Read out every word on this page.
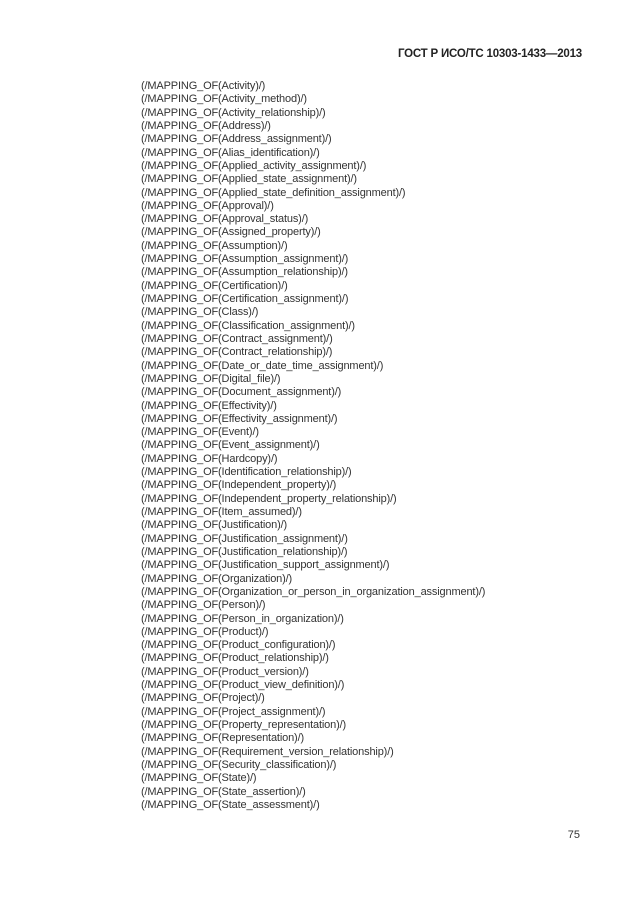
ГОСТ Р ИСО/ТС 10303-1433—2013
(/MAPPING_OF(Activity)/)
(/MAPPING_OF(Activity_method)/)
(/MAPPING_OF(Activity_relationship)/)
(/MAPPING_OF(Address)/)
(/MAPPING_OF(Address_assignment)/)
(/MAPPING_OF(Alias_identification)/)
(/MAPPING_OF(Applied_activity_assignment)/)
(/MAPPING_OF(Applied_state_assignment)/)
(/MAPPING_OF(Applied_state_definition_assignment)/)
(/MAPPING_OF(Approval)/)
(/MAPPING_OF(Approval_status)/)
(/MAPPING_OF(Assigned_property)/)
(/MAPPING_OF(Assumption)/)
(/MAPPING_OF(Assumption_assignment)/)
(/MAPPING_OF(Assumption_relationship)/)
(/MAPPING_OF(Certification)/)
(/MAPPING_OF(Certification_assignment)/)
(/MAPPING_OF(Class)/)
(/MAPPING_OF(Classification_assignment)/)
(/MAPPING_OF(Contract_assignment)/)
(/MAPPING_OF(Contract_relationship)/)
(/MAPPING_OF(Date_or_date_time_assignment)/)
(/MAPPING_OF(Digital_file)/)
(/MAPPING_OF(Document_assignment)/)
(/MAPPING_OF(Effectivity)/)
(/MAPPING_OF(Effectivity_assignment)/)
(/MAPPING_OF(Event)/)
(/MAPPING_OF(Event_assignment)/)
(/MAPPING_OF(Hardcopy)/)
(/MAPPING_OF(Identification_relationship)/)
(/MAPPING_OF(Independent_property)/)
(/MAPPING_OF(Independent_property_relationship)/)
(/MAPPING_OF(Item_assumed)/)
(/MAPPING_OF(Justification)/)
(/MAPPING_OF(Justification_assignment)/)
(/MAPPING_OF(Justification_relationship)/)
(/MAPPING_OF(Justification_support_assignment)/)
(/MAPPING_OF(Organization)/)
(/MAPPING_OF(Organization_or_person_in_organization_assignment)/)
(/MAPPING_OF(Person)/)
(/MAPPING_OF(Person_in_organization)/)
(/MAPPING_OF(Product)/)
(/MAPPING_OF(Product_configuration)/)
(/MAPPING_OF(Product_relationship)/)
(/MAPPING_OF(Product_version)/)
(/MAPPING_OF(Product_view_definition)/)
(/MAPPING_OF(Project)/)
(/MAPPING_OF(Project_assignment)/)
(/MAPPING_OF(Property_representation)/)
(/MAPPING_OF(Representation)/)
(/MAPPING_OF(Requirement_version_relationship)/)
(/MAPPING_OF(Security_classification)/)
(/MAPPING_OF(State)/)
(/MAPPING_OF(State_assertion)/)
(/MAPPING_OF(State_assessment)/)
75
